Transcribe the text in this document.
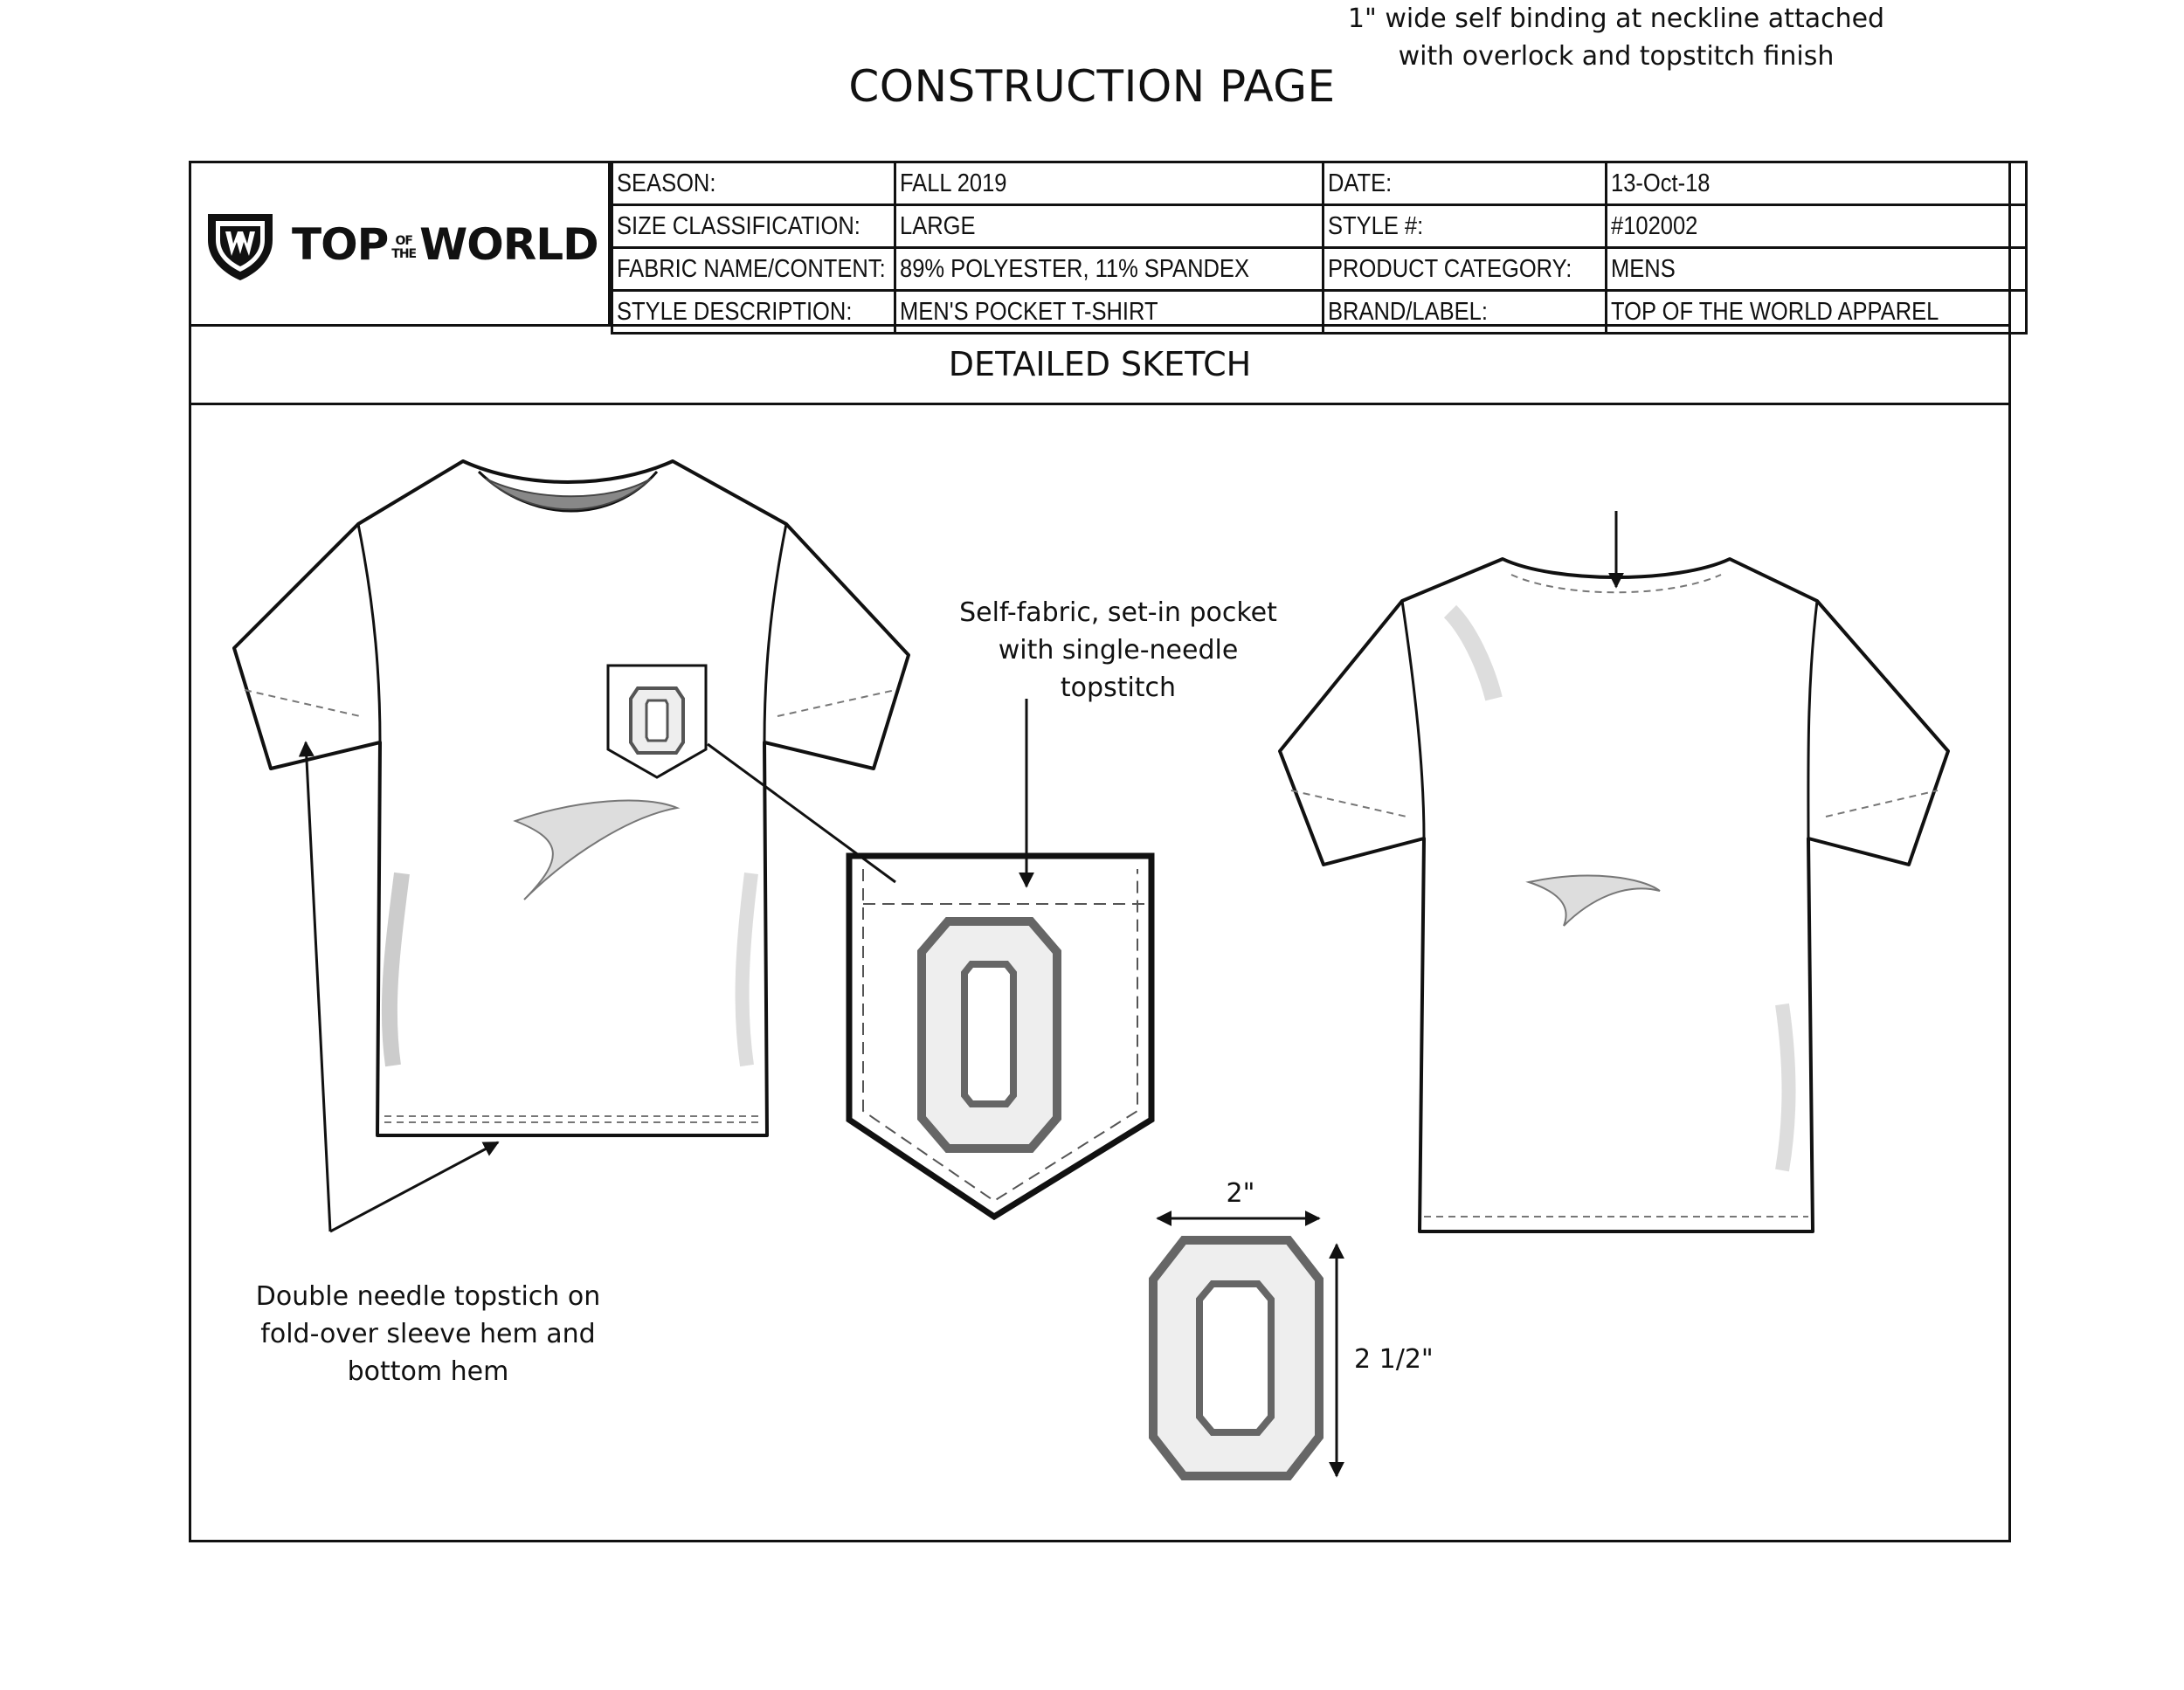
CONSTRUCTION PAGE
TOP OF
THE WORLD
SEASON:	FALL 2019	DATE:	13-Oct-18
SIZE CLASSIFICATION:	LARGE	STYLE #:	#102002
FABRIC NAME/CONTENT:	89% POLYESTER, 11% SPANDEX	PRODUCT CATEGORY:	MENS
STYLE DESCRIPTION:	MEN'S POCKET T-SHIRT	BRAND/LABEL:	TOP OF THE WORLD APPAREL
DETAILED SKETCH
Self-fabric, set-in pocket
with single-needle
topstitch
1" wide self binding at neckline attached
with overlock and topstitch finish
Double needle topstich on
fold-over sleeve hem and
bottom hem
2"
2 1/2"
